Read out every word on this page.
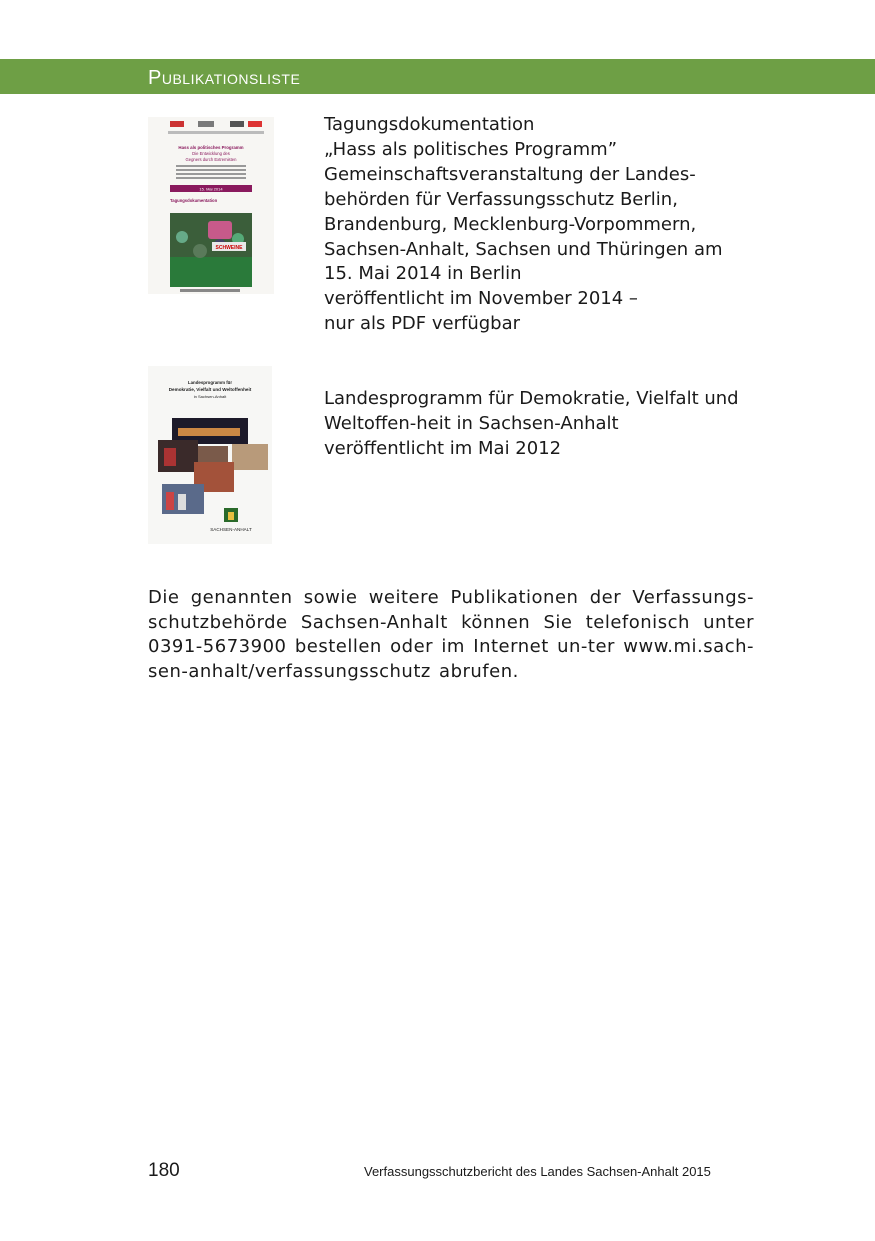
Publikationsliste
Hass als politisches Programm
Die Entwicklung des
Gegners durch Extremisten
15. Mai 2014
Tagungsdokumentation
SCHWEINE
Tagungsdokumentation
„Hass als politisches Programm”
Gemeinschaftsveranstaltung der Landes-
behörden für Verfassungsschutz Berlin,
Brandenburg, Mecklenburg-Vorpommern,
Sachsen-Anhalt, Sachsen und Thüringen am
15. Mai 2014 in Berlin
veröffentlicht im November 2014 –
nur als PDF verfügbar
Landesprogramm für
Demokratie, Vielfalt und Weltoffenheit
in Sachsen-Anhalt
SACHSEN-ANHALT
Landesprogramm für Demokratie, Vielfalt und
Weltoffen-heit in Sachsen-Anhalt
veröffentlicht im Mai 2012

Die genannten sowie weitere Publikationen der Verfassungs-schutzbehörde Sachsen-Anhalt können Sie telefonisch unter 0391-5673900 bestellen oder im Internet un-ter www.mi.sach-sen-anhalt/verfassungsschutz abrufen.

180	Verfassungsschutzbericht des Landes Sachsen-Anhalt 2015
